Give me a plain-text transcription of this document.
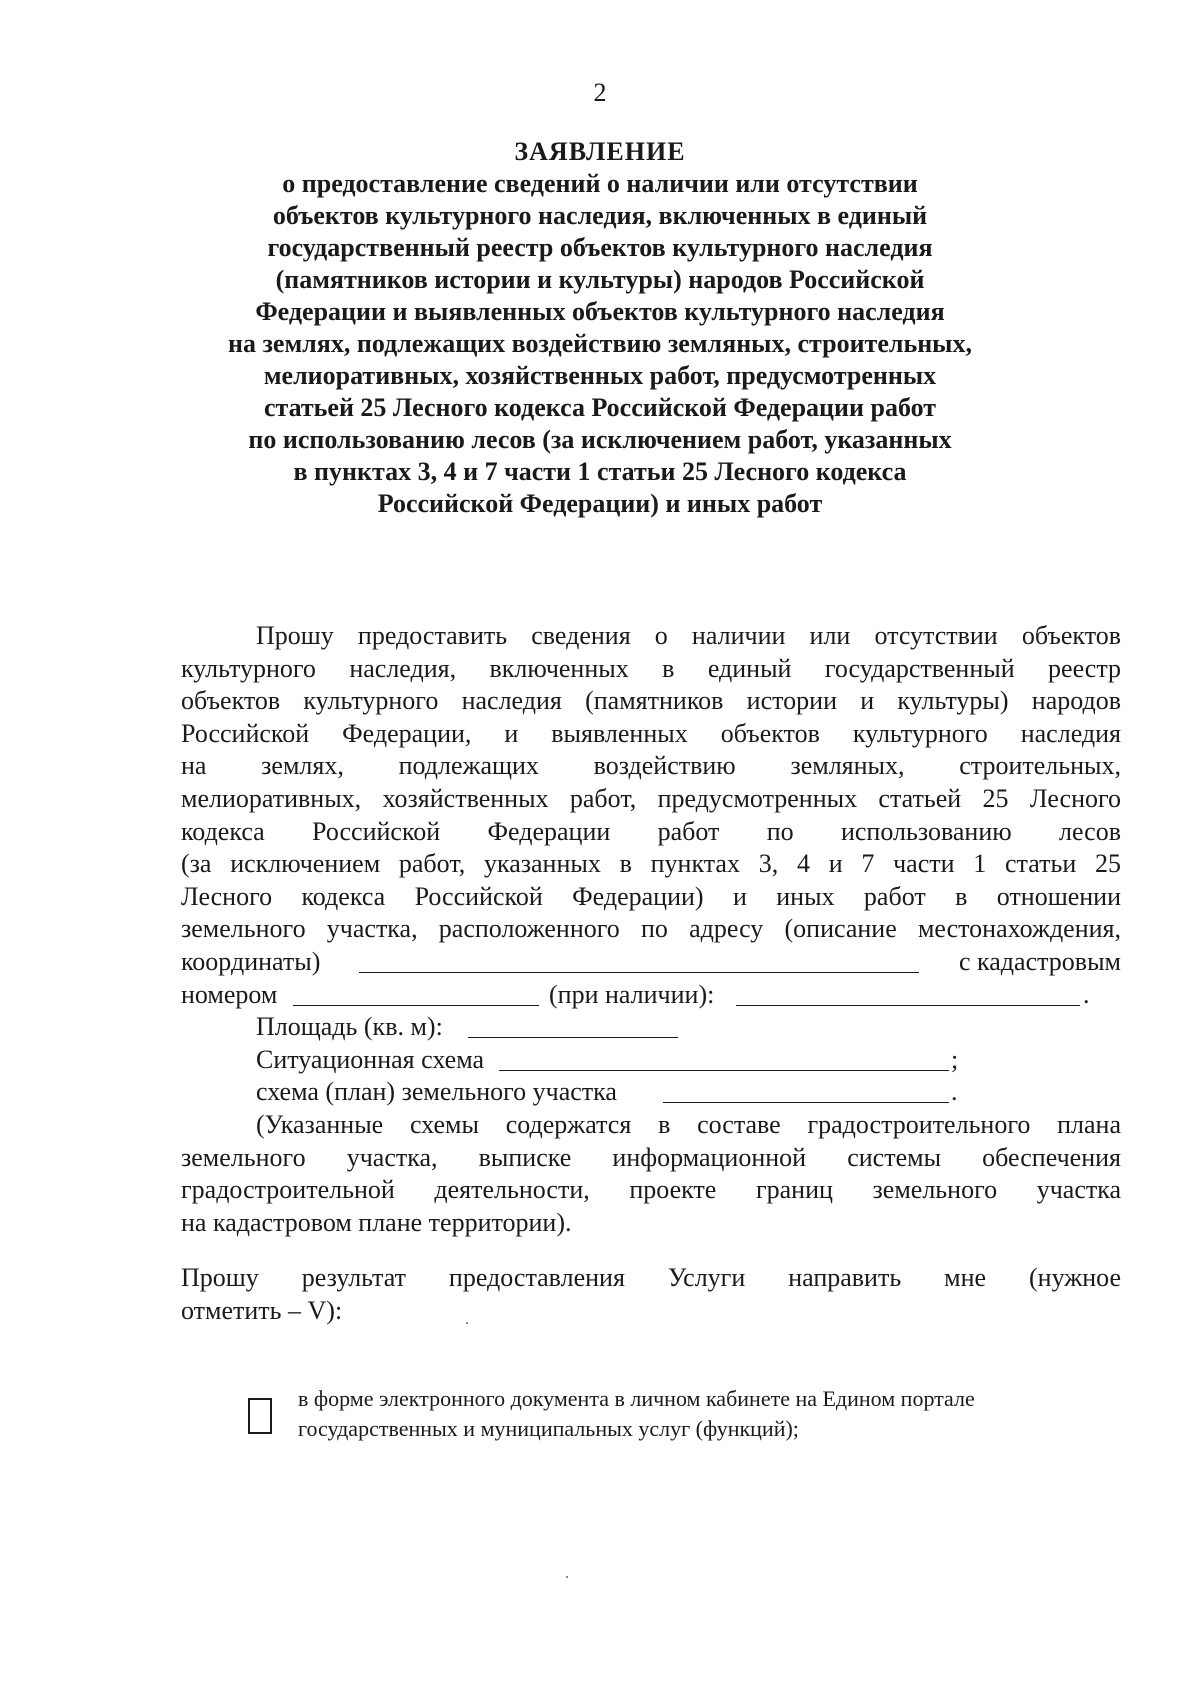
2
ЗАЯВЛЕНИЕ
о предоставление сведений о наличии или отсутствии
объектов культурного наследия, включенных в единый
государственный реестр объектов культурного наследия
(памятников истории и культуры) народов Российской
Федерации и выявленных объектов культурного наследия
на землях, подлежащих воздействию земляных, строительных,
мелиоративных, хозяйственных работ, предусмотренных
статьей 25 Лесного кодекса Российской Федерации работ
по использованию лесов (за исключением работ, указанных
в пунктах 3, 4 и 7 части 1 статьи 25 Лесного кодекса
Российской Федерации) и иных работ
Прошу предоставить сведения о наличии или отсутствии объектов
культурного наследия, включенных в единый государственный реестр
объектов культурного наследия (памятников истории и культуры) народов
Российской Федерации, и выявленных объектов культурного наследия
на землях, подлежащих воздействию земляных, строительных,
мелиоративных, хозяйственных работ, предусмотренных статьей 25 Лесного
кодекса Российской Федерации работ по использованию лесов
(за исключением работ, указанных в пунктах 3, 4 и 7 части 1 статьи 25
Лесного кодекса Российской Федерации) и иных работ в отношении
земельного участка, расположенного по адресу (описание местонахождения,
координаты)	с кадастровым
номером	(при наличии):	.
Площадь (кв. м):
Ситуационная схема	;
схема (план) земельного участка	.
(Указанные схемы содержатся в составе градостроительного плана
земельного участка, выписке информационной системы обеспечения
градостроительной деятельности, проекте границ земельного участка
на кадастровом плане территории).
Прошу результат предоставления Услуги направить мне (нужное
отметить – V):
в форме электронного документа в личном кабинете на Едином портале
государственных и муниципальных услуг (функций);
